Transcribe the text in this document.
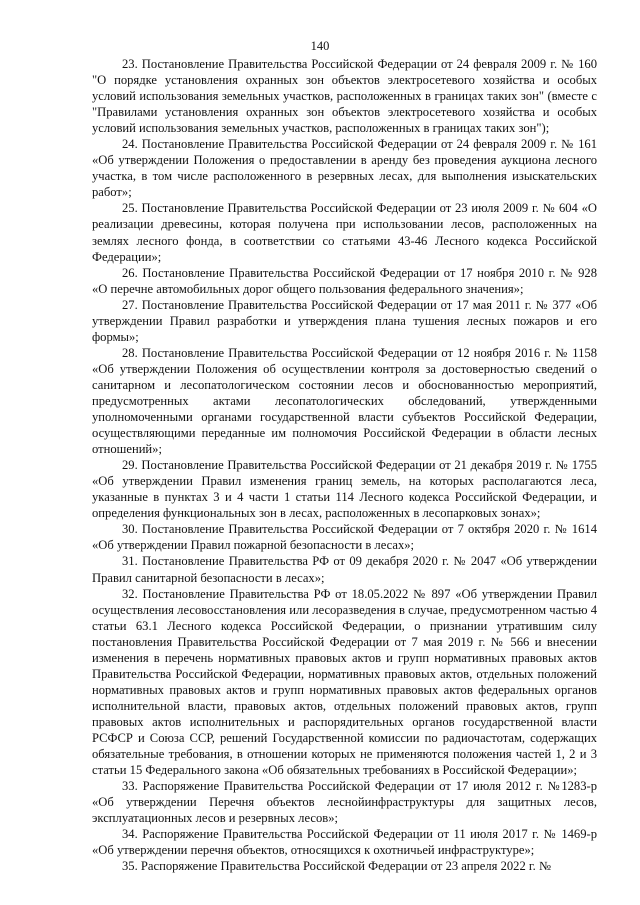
140

23. Постановление Правительства Российской Федерации от 24 февраля 2009 г. № 160 "О порядке установления охранных зон объектов электросетевого хозяйства и особых условий использования земельных участков, расположенных в границах таких зон" (вместе с "Правилами установления охранных зон объектов электросетевого хозяйства и особых условий использования земельных участков, расположенных в границах таких зон");

24. Постановление Правительства Российской Федерации от 24 февраля 2009 г. № 161 «Об утверждении Положения о предоставлении в аренду без проведения аукциона лесного участка, в том числе расположенного в резервных лесах, для выполнения изыскательских работ»;

25. Постановление Правительства Российской Федерации от 23 июля 2009 г. № 604 «О реализации древесины, которая получена при использовании лесов, расположенных на землях лесного фонда, в соответствии со статьями 43-46 Лесного кодекса Российской Федерации»;

26. Постановление Правительства Российской Федерации от 17 ноября 2010 г. № 928 «О перечне автомобильных дорог общего пользования федерального значения»;

27. Постановление Правительства Российской Федерации от 17 мая 2011 г. № 377 «Об утверждении Правил разработки и утверждения плана тушения лесных пожаров и его формы»;

28. Постановление Правительства Российской Федерации от 12 ноября 2016 г. № 1158 «Об утверждении Положения об осуществлении контроля за достоверностью сведений о санитарном и лесопатологическом состоянии лесов и обоснованностью мероприятий, предусмотренных актами лесопатологических обследований, утвержденными уполномоченными органами государственной власти субъектов Российской Федерации, осуществляющими переданные им полномочия Российской Федерации в области лесных отношений»;

29. Постановление Правительства Российской Федерации от 21 декабря 2019 г. № 1755 «Об утверждении Правил изменения границ земель, на которых располагаются леса, указанные в пунктах 3 и 4 части 1 статьи 114 Лесного кодекса Российской Федерации, и определения функциональных зон в лесах, расположенных в лесопарковых зонах»;

30. Постановление Правительства Российской Федерации от 7 октября 2020 г. № 1614 «Об утверждении Правил пожарной безопасности в лесах»;

31. Постановление Правительства РФ от 09 декабря 2020 г. № 2047 «Об утверждении Правил санитарной безопасности в лесах»;

32. Постановление Правительства РФ от 18.05.2022 № 897 «Об утверждении Правил осуществления лесовосстановления или лесоразведения в случае, предусмотренном частью 4 статьи 63.1 Лесного кодекса Российской Федерации, о признании утратившим силу постановления Правительства Российской Федерации от 7 мая 2019 г. № 566 и внесении изменения в перечень нормативных правовых актов и групп нормативных правовых актов Правительства Российской Федерации, нормативных правовых актов, отдельных положений нормативных правовых актов и групп нормативных правовых актов федеральных органов исполнительной власти, правовых актов, отдельных положений правовых актов, групп правовых актов исполнительных и распорядительных органов государственной власти РСФСР и Союза ССР, решений Государственной комиссии по радиочастотам, содержащих обязательные требования, в отношении которых не применяются положения частей 1, 2 и 3 статьи 15 Федерального закона «Об обязательных требованиях в Российской Федерации»;

33. Распоряжение Правительства Российской Федерации от 17 июля 2012 г. №1283-р «Об утверждении Перечня объектов леснойинфраструктуры для защитных лесов, эксплуатационных лесов и резервных лесов»;

34. Распоряжение Правительства Российской Федерации от 11 июля 2017 г. № 1469-р «Об утверждении перечня объектов, относящихся к охотничьей инфраструктуре»;

35. Распоряжение Правительства Российской Федерации от 23 апреля 2022 г. №
